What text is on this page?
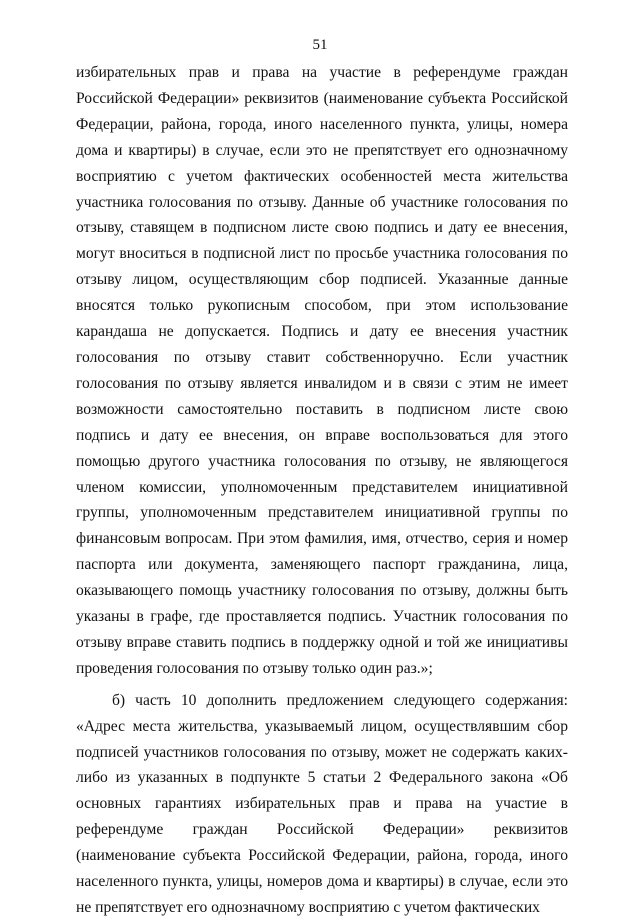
51

избирательных прав и права на участие в референдуме граждан Российской Федерации» реквизитов (наименование субъекта Российской Федерации, района, города, иного населенного пункта, улицы, номера дома и квартиры) в случае, если это не препятствует его однозначному восприятию с учетом фактических особенностей места жительства участника голосования по отзыву. Данные об участнике голосования по отзыву, ставящем в подписном листе свою подпись и дату ее внесения, могут вноситься в подписной лист по просьбе участника голосования по отзыву лицом, осуществляющим сбор подписей. Указанные данные вносятся только рукописным способом, при этом использование карандаша не допускается. Подпись и дату ее внесения участник голосования по отзыву ставит собственноручно. Если участник голосования по отзыву является инвалидом и в связи с этим не имеет возможности самостоятельно поставить в подписном листе свою подпись и дату ее внесения, он вправе воспользоваться для этого помощью другого участника голосования по отзыву, не являющегося членом комиссии, уполномоченным представителем инициативной группы, уполномоченным представителем инициативной группы по финансовым вопросам. При этом фамилия, имя, отчество, серия и номер паспорта или документа, заменяющего паспорт гражданина, лица, оказывающего помощь участнику голосования по отзыву, должны быть указаны в графе, где проставляется подпись. Участник голосования по отзыву вправе ставить подпись в поддержку одной и той же инициативы проведения голосования по отзыву только один раз.»;

б) часть 10 дополнить предложением следующего содержания: «Адрес места жительства, указываемый лицом, осуществлявшим сбор подписей участников голосования по отзыву, может не содержать каких-либо из указанных в подпункте 5 статьи 2 Федерального закона «Об основных гарантиях избирательных прав и права на участие в референдуме граждан Российской Федерации» реквизитов (наименование субъекта Российской Федерации, района, города, иного населенного пункта, улицы, номеров дома и квартиры) в случае, если это не препятствует его однозначному восприятию с учетом фактических
